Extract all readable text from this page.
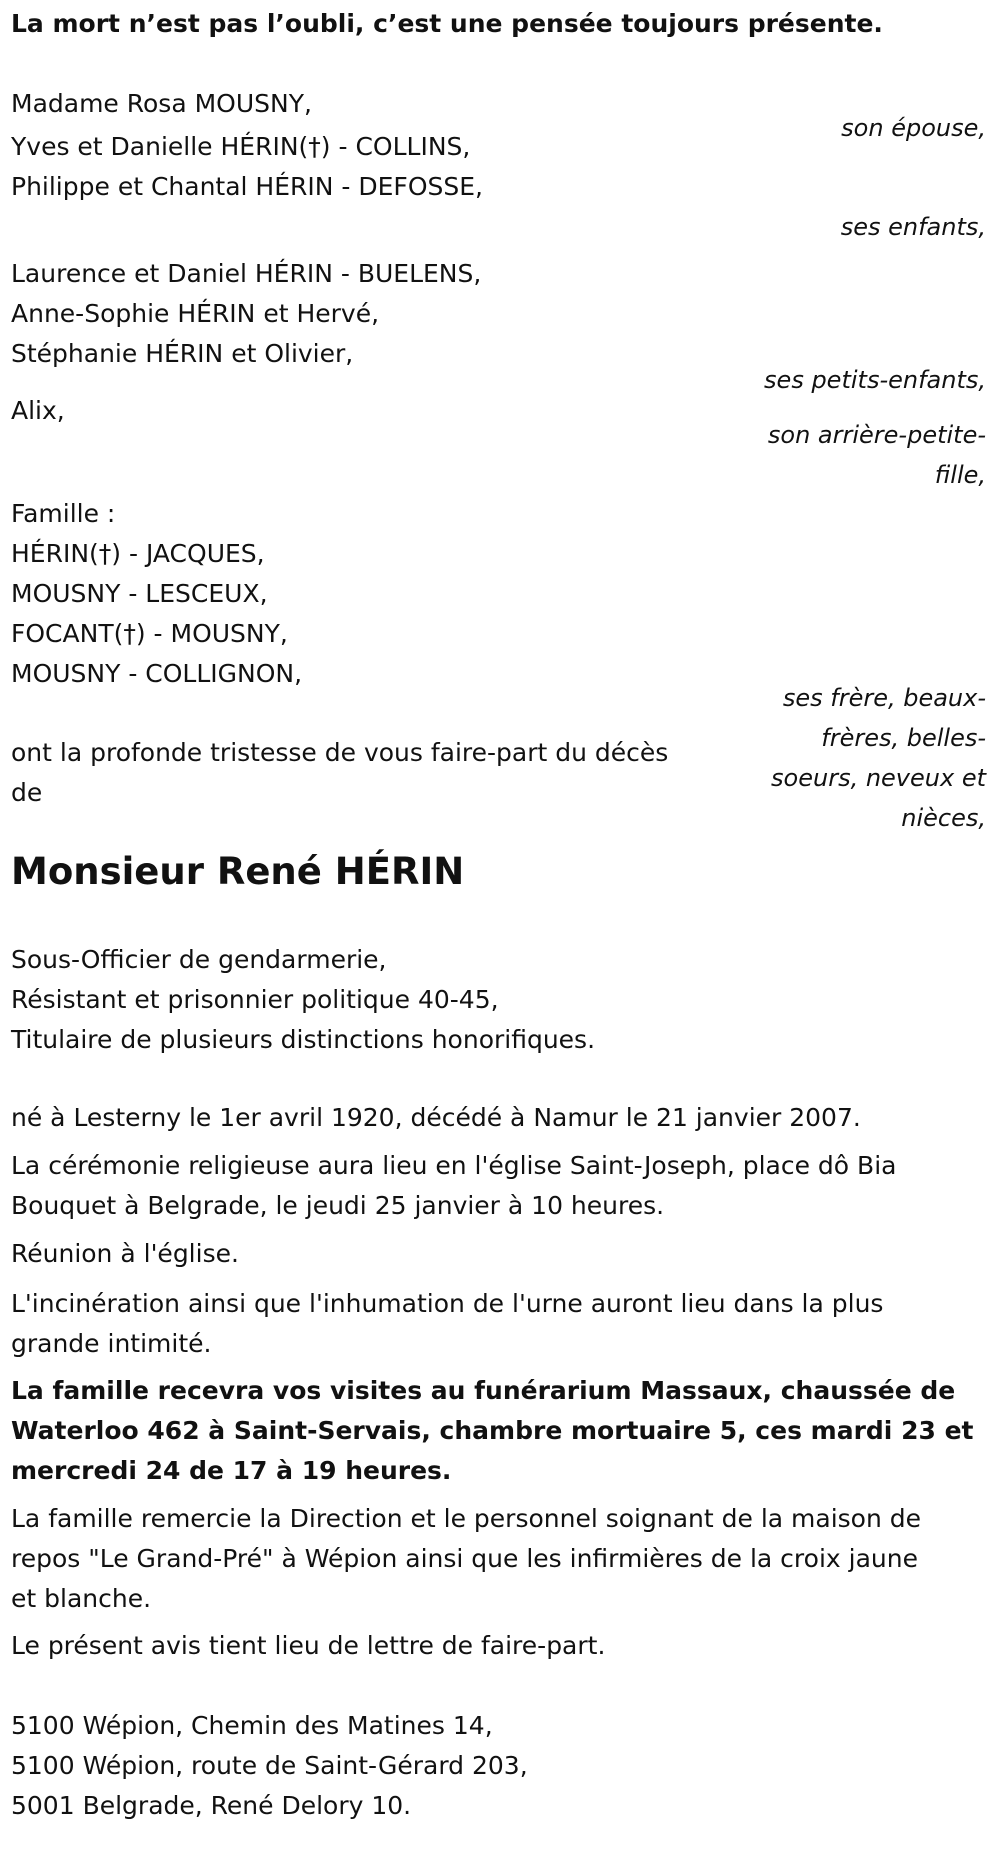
La mort n’est pas l’oubli, c’est une pensée toujours présente.
Madame Rosa MOUSNY,
son épouse,
Yves et Danielle HÉRIN(†) - COLLINS,
Philippe et Chantal HÉRIN - DEFOSSE,
ses enfants,
Laurence et Daniel HÉRIN - BUELENS,
Anne-Sophie HÉRIN et Hervé,
Stéphanie HÉRIN et Olivier,
ses petits-enfants,
Alix,
son arrière-petite-
fille,
Famille :
HÉRIN(†) - JACQUES,
MOUSNY - LESCEUX,
FOCANT(†) - MOUSNY,
MOUSNY - COLLIGNON,
ses frère, beaux-
frères, belles-
soeurs, neveux et
nièces,
ont la profonde tristesse de vous faire-part du décès
de
Monsieur René HÉRIN
Sous-Officier de gendarmerie,
Résistant et prisonnier politique 40-45,
Titulaire de plusieurs distinctions honorifiques.
né à Lesterny le 1er avril 1920, décédé à Namur le 21 janvier 2007.
La cérémonie religieuse aura lieu en l'église Saint-Joseph, place dô Bia
Bouquet à Belgrade, le jeudi 25 janvier à 10 heures.
Réunion à l'église.
L'incinération ainsi que l'inhumation de l'urne auront lieu dans la plus
grande intimité.
La famille recevra vos visites au funérarium Massaux, chaussée de
Waterloo 462 à Saint-Servais, chambre mortuaire 5, ces mardi 23 et
mercredi 24 de 17 à 19 heures.
La famille remercie la Direction et le personnel soignant de la maison de
repos "Le Grand-Pré" à Wépion ainsi que les infirmières de la croix jaune
et blanche.
Le présent avis tient lieu de lettre de faire-part.
5100 Wépion, Chemin des Matines 14,
5100 Wépion, route de Saint-Gérard 203,
5001 Belgrade, René Delory 10.
